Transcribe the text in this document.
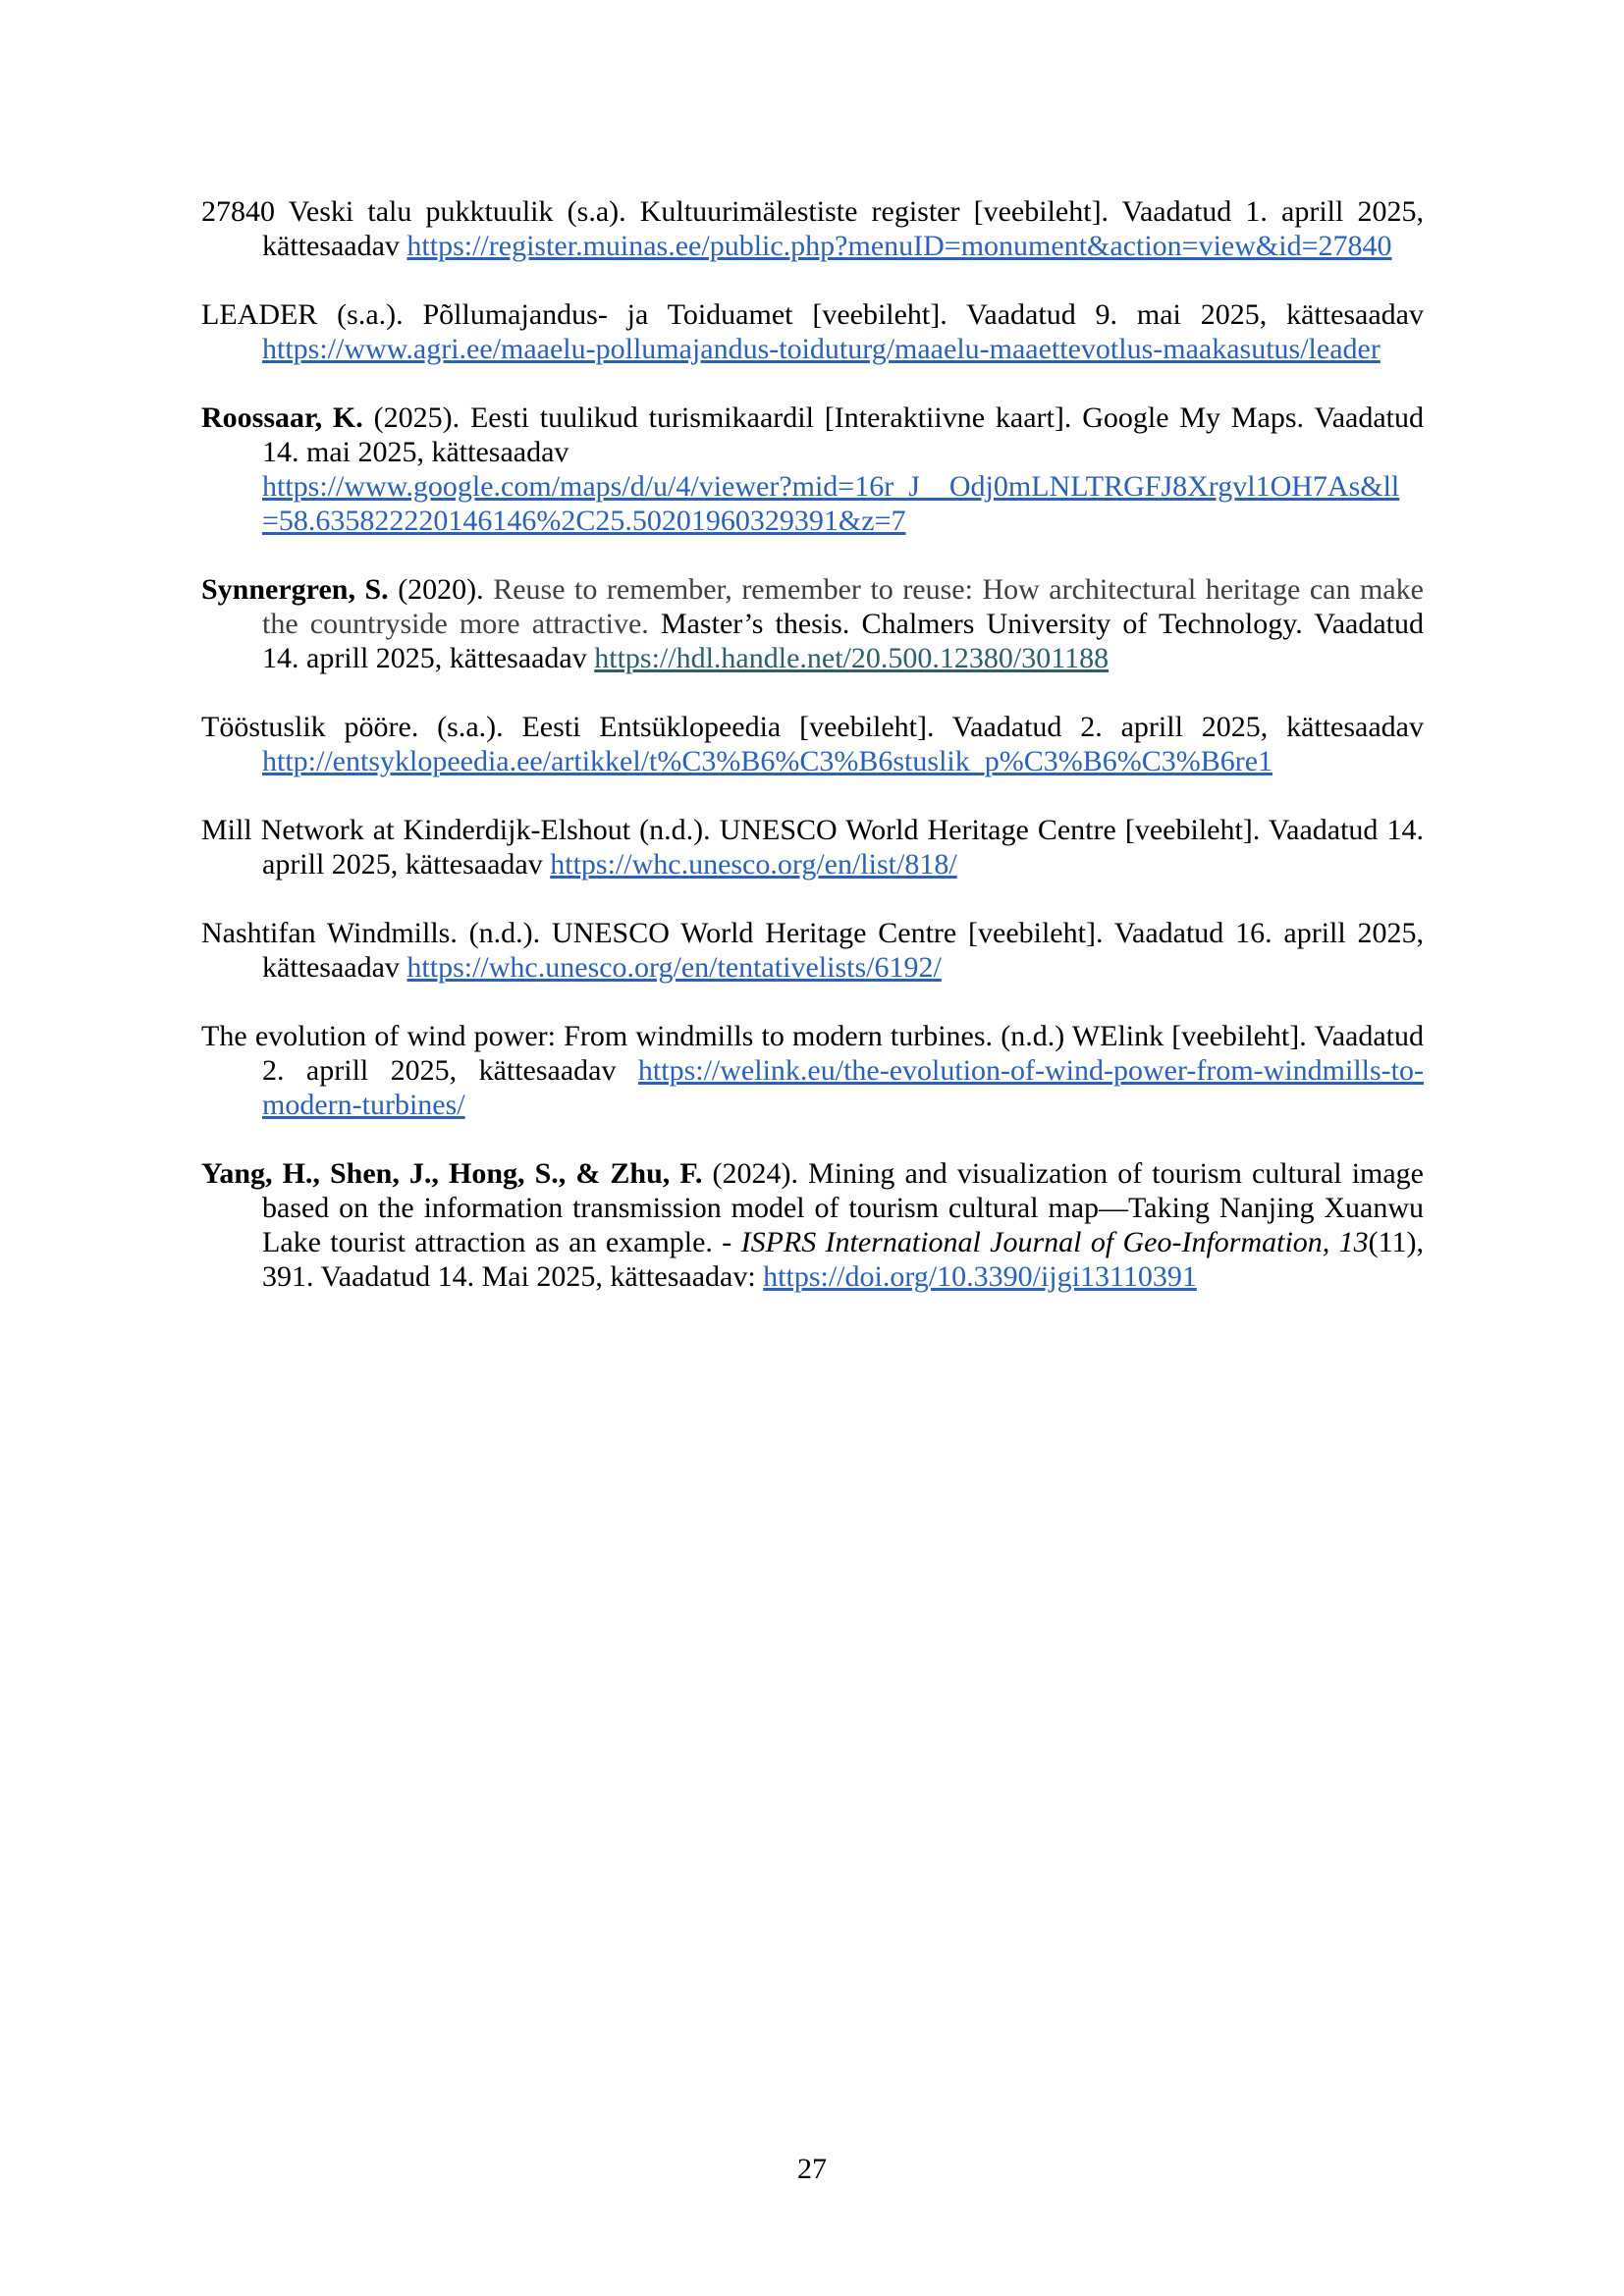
27840 Veski talu pukktuulik (s.a). Kultuurimälestiste register [veebileht]. Vaadatud 1. aprill 2025,
kättesaadav https://register.muinas.ee/public.php?menuID=monument&action=view&id=27840
LEADER (s.a.). Põllumajandus- ja Toiduamet [veebileht]. Vaadatud 9. mai 2025, kättesaadav
https://www.agri.ee/maaelu-pollumajandus-toiduturg/maaelu-maaettevotlus-maakasutus/leader
Roossaar, K. (2025). Eesti tuulikud turismikaardil [Interaktiivne kaart]. Google My Maps. Vaadatud
14. mai 2025, kättesaadav
https://www.google.com/maps/d/u/4/viewer?mid=16r_J__Odj0mLNLTRGFJ8Xrgvl1OH7As&ll
=58.635822220146146%2C25.50201960329391&z=7
Synnergren, S. (2020). Reuse to remember, remember to reuse: How architectural heritage can make
the countryside more attractive. Master’s thesis. Chalmers University of Technology. Vaadatud
14. aprill 2025, kättesaadav https://hdl.handle.net/20.500.12380/301188
Tööstuslik pööre. (s.a.). Eesti Entsüklopeedia [veebileht]. Vaadatud 2. aprill 2025, kättesaadav
http://entsyklopeedia.ee/artikkel/t%C3%B6%C3%B6stuslik_p%C3%B6%C3%B6re1
Mill Network at Kinderdijk-Elshout (n.d.). UNESCO World Heritage Centre [veebileht]. Vaadatud 14.
aprill 2025, kättesaadav https://whc.unesco.org/en/list/818/
Nashtifan Windmills. (n.d.). UNESCO World Heritage Centre [veebileht]. Vaadatud 16. aprill 2025,
kättesaadav https://whc.unesco.org/en/tentativelists/6192/
The evolution of wind power: From windmills to modern turbines. (n.d.) WElink [veebileht]. Vaadatud
2. aprill 2025, kättesaadav https://welink.eu/the-evolution-of-wind-power-from-windmills-to-
modern-turbines/
Yang, H., Shen, J., Hong, S., & Zhu, F. (2024). Mining and visualization of tourism cultural image
based on the information transmission model of tourism cultural map—Taking Nanjing Xuanwu
Lake tourist attraction as an example. - ISPRS International Journal of Geo-Information, 13(11),
391. Vaadatud 14. Mai 2025, kättesaadav: https://doi.org/10.3390/ijgi13110391
27
